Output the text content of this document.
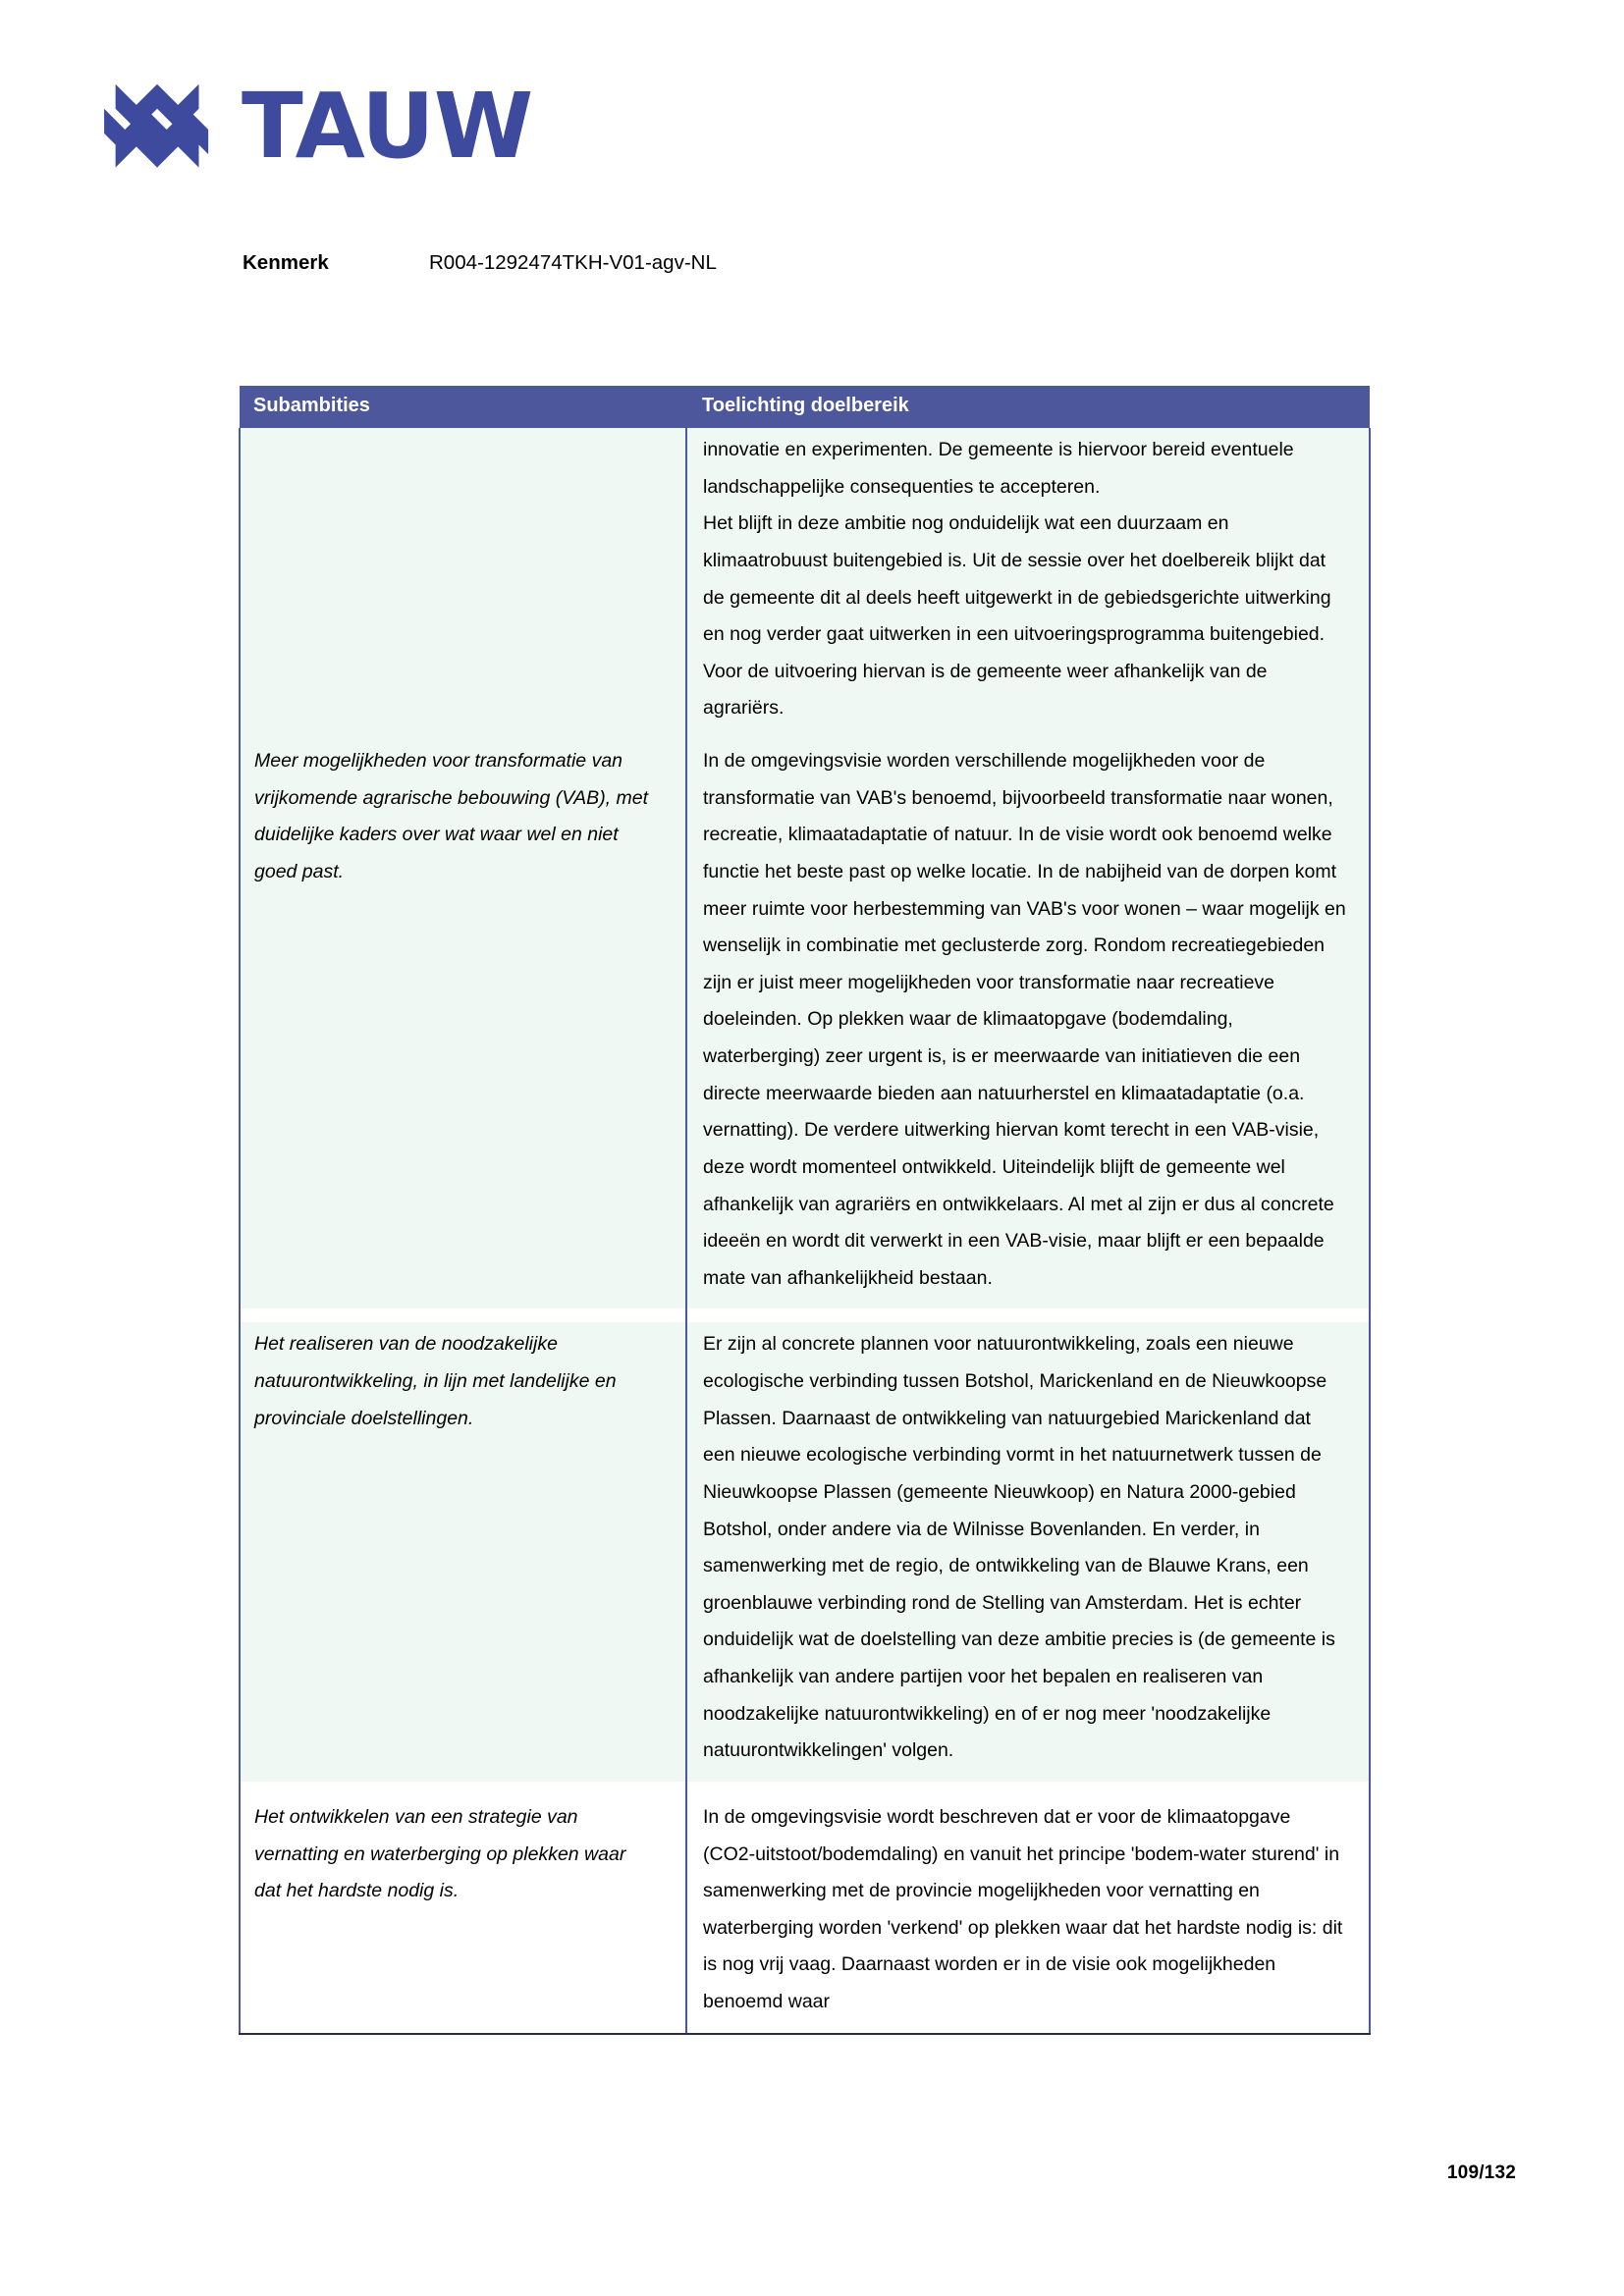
TAUW
Kenmerk	R004-1292474TKH-V01-agv-NL
Subambities	Toelichting doelbereik

	innovatie en experimenten. De gemeente is hiervoor bereid eventuele landschappelijke consequenties te accepteren.

Het blijft in deze ambitie nog onduidelijk wat een duurzaam en klimaatrobuust buitengebied is. Uit de sessie over het doelbereik blijkt dat de gemeente dit al deels heeft uitgewerkt in de gebiedsgerichte uitwerking en nog verder gaat uitwerken in een uitvoeringsprogramma buitengebied. Voor de uitvoering hiervan is de gemeente weer afhankelijk van de agrariërs.

Meer mogelijkheden voor transformatie van vrijkomende agrarische bebouwing (VAB), met duidelijke kaders over wat waar wel en niet goed past.	In de omgevingsvisie worden verschillende mogelijkheden voor de transformatie van VAB's benoemd, bijvoorbeeld transformatie naar wonen, recreatie, klimaatadaptatie of natuur. In de visie wordt ook benoemd welke functie het beste past op welke locatie. In de nabijheid van de dorpen komt meer ruimte voor herbestemming van VAB's voor wonen – waar mogelijk en wenselijk in combinatie met geclusterde zorg. Rondom recreatiegebieden zijn er juist meer mogelijkheden voor transformatie naar recreatieve doeleinden. Op plekken waar de klimaatopgave (bodemdaling, waterberging) zeer urgent is, is er meerwaarde van initiatieven die een directe meerwaarde bieden aan natuurherstel en klimaatadaptatie (o.a. vernatting). De verdere uitwerking hiervan komt terecht in een VAB-visie, deze wordt momenteel ontwikkeld. Uiteindelijk blijft de gemeente wel afhankelijk van agrariërs en ontwikkelaars. Al met al zijn er dus al concrete ideeën en wordt dit verwerkt in een VAB-visie, maar blijft er een bepaalde mate van afhankelijkheid bestaan.

Het realiseren van de noodzakelijke natuurontwikkeling, in lijn met landelijke en provinciale doelstellingen.	Er zijn al concrete plannen voor natuurontwikkeling, zoals een nieuwe ecologische verbinding tussen Botshol, Marickenland en de Nieuwkoopse Plassen. Daarnaast de ontwikkeling van natuurgebied Marickenland dat een nieuwe ecologische verbinding vormt in het natuurnetwerk tussen de Nieuwkoopse Plassen (gemeente Nieuwkoop) en Natura 2000-gebied Botshol, onder andere via de Wilnisse Bovenlanden. En verder, in samenwerking met de regio, de ontwikkeling van de Blauwe Krans, een groenblauwe verbinding rond de Stelling van Amsterdam. Het is echter onduidelijk wat de doelstelling van deze ambitie precies is (de gemeente is afhankelijk van andere partijen voor het bepalen en realiseren van noodzakelijke natuurontwikkeling) en of er nog meer 'noodzakelijke natuurontwikkelingen' volgen.

Het ontwikkelen van een strategie van vernatting en waterberging op plekken waar dat het hardste nodig is.	In de omgevingsvisie wordt beschreven dat er voor de klimaatopgave (CO2-uitstoot/bodemdaling) en vanuit het principe 'bodem-water sturend' in samenwerking met de provincie mogelijkheden voor vernatting en waterberging worden 'verkend' op plekken waar dat het hardste nodig is: dit is nog vrij vaag. Daarnaast worden er in de visie ook mogelijkheden benoemd waar

109/132
